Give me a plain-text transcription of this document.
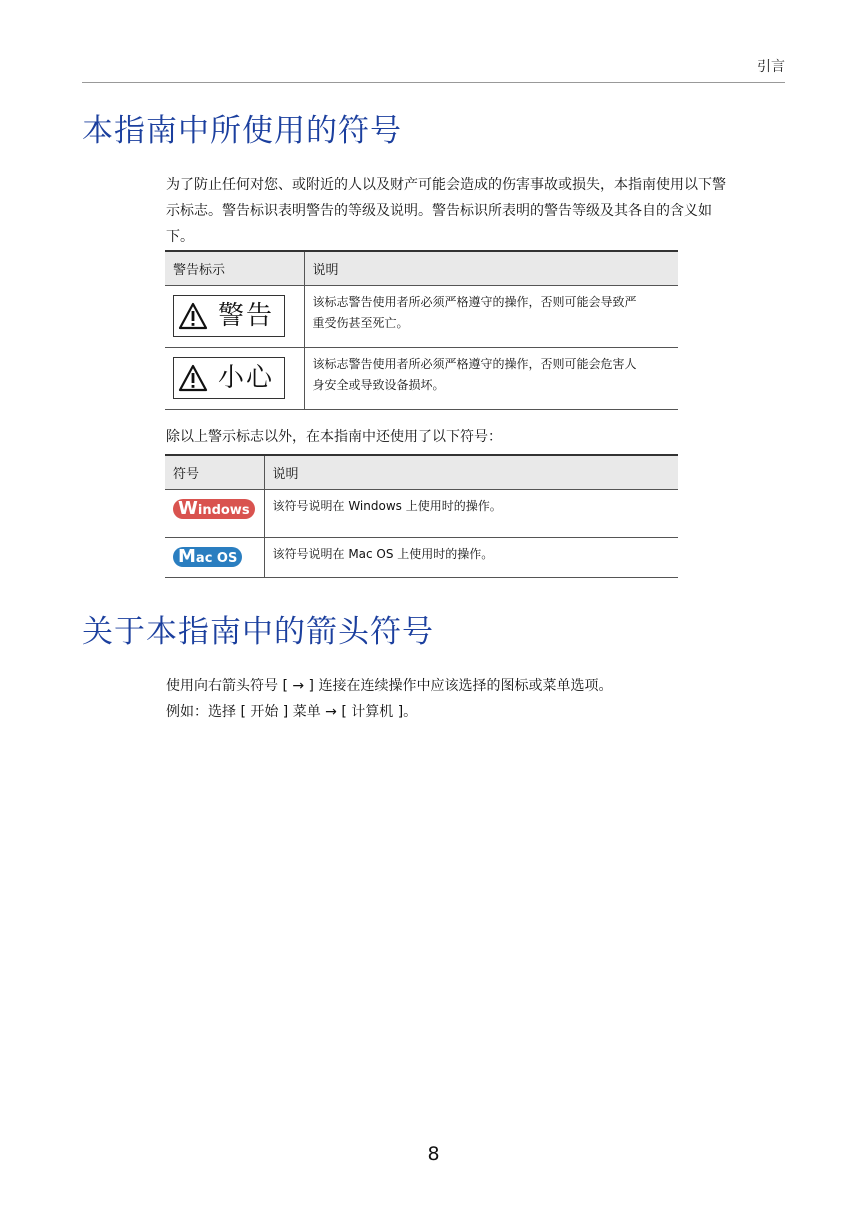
引言
本指南中所使用的符号

为了防止任何对您、或附近的人以及财产可能会造成的伤害事故或损失，本指南使用以下警
示标志。警告标识表明警告的等级及说明。警告标识所表明的警告等级及其各自的含义如
下。

警告标示	说明

警告	该标志警告使用者所必须严格遵守的操作，否则可能会导致严
重受伤甚至死亡。

小心	该标志警告使用者所必须严格遵守的操作，否则可能会危害人
身安全或导致设备损坏。

除以上警示标志以外，在本指南中还使用了以下符号：

符号	说明
Windows	该符号说明在 Windows 上使用时的操作。
Mac OS	该符号说明在 Mac OS 上使用时的操作。
关于本指南中的箭头符号

使用向右箭头符号 [ → ] 连接在连续操作中应该选择的图标或菜单选项。
例如：选择 [ 开始 ] 菜单 → [ 计算机 ]。

8
